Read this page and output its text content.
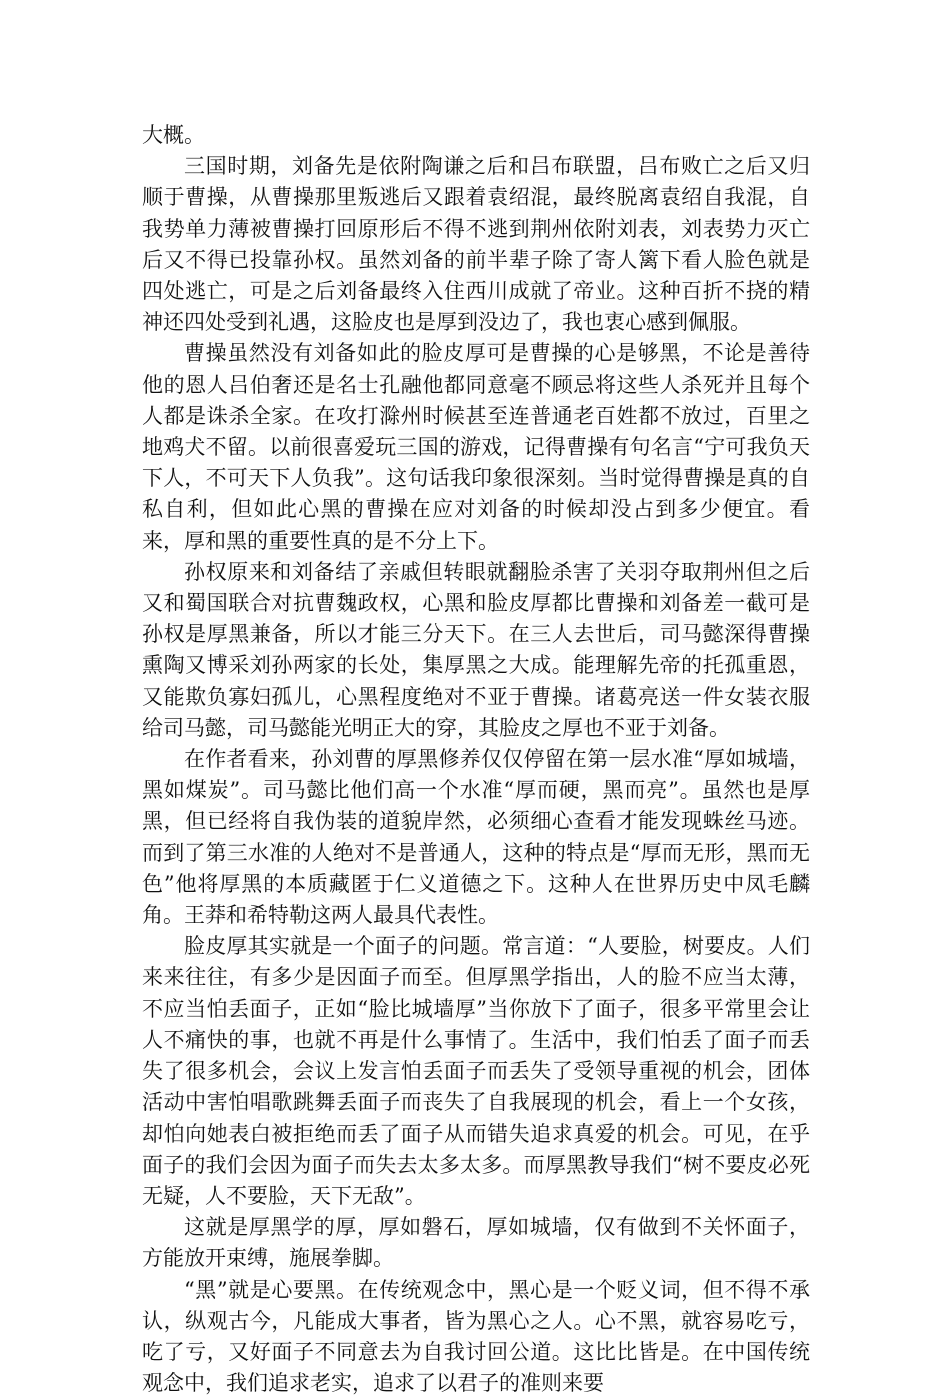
大概。

三国时期，刘备先是依附陶谦之后和吕布联盟，吕布败亡之后又归顺于曹操，从曹操那里叛逃后又跟着袁绍混，最终脱离袁绍自我混，自我势单力薄被曹操打回原形后不得不逃到荆州依附刘表，刘表势力灭亡后又不得已投靠孙权。虽然刘备的前半辈子除了寄人篱下看人脸色就是四处逃亡，可是之后刘备最终入住西川成就了帝业。这种百折不挠的精神还四处受到礼遇，这脸皮也是厚到没边了，我也衷心感到佩服。

曹操虽然没有刘备如此的脸皮厚可是曹操的心是够黑，不论是善待他的恩人吕伯奢还是名士孔融他都同意毫不顾忌将这些人杀死并且每个人都是诛杀全家。在攻打滁州时候甚至连普通老百姓都不放过，百里之地鸡犬不留。以前很喜爱玩三国的游戏，记得曹操有句名言“宁可我负天下人，不可天下人负我”。这句话我印象很深刻。当时觉得曹操是真的自私自利，但如此心黑的曹操在应对刘备的时候却没占到多少便宜。看来，厚和黑的重要性真的是不分上下。

孙权原来和刘备结了亲戚但转眼就翻脸杀害了关羽夺取荆州但之后又和蜀国联合对抗曹魏政权，心黑和脸皮厚都比曹操和刘备差一截可是孙权是厚黑兼备，所以才能三分天下。在三人去世后，司马懿深得曹操熏陶又博采刘孙两家的长处，集厚黑之大成。能理解先帝的托孤重恩，又能欺负寡妇孤儿，心黑程度绝对不亚于曹操。诸葛亮送一件女装衣服给司马懿，司马懿能光明正大的穿，其脸皮之厚也不亚于刘备。

在作者看来，孙刘曹的厚黑修养仅仅停留在第一层水准“厚如城墙，黑如煤炭”。司马懿比他们高一个水准“厚而硬，黑而亮”。虽然也是厚黑，但已经将自我伪装的道貌岸然，必须细心查看才能发现蛛丝马迹。而到了第三水准的人绝对不是普通人，这种的特点是“厚而无形，黑而无色”他将厚黑的本质藏匿于仁义道德之下。这种人在世界历史中凤毛麟角。王莽和希特勒这两人最具代表性。

脸皮厚其实就是一个面子的问题。常言道：“人要脸，树要皮。人们来来往往，有多少是因面子而至。但厚黑学指出，人的脸不应当太薄，不应当怕丢面子，正如“脸比城墙厚”当你放下了面子，很多平常里会让人不痛快的事，也就不再是什么事情了。生活中，我们怕丢了面子而丢失了很多机会，会议上发言怕丢面子而丢失了受领导重视的机会，团体活动中害怕唱歌跳舞丢面子而丧失了自我展现的机会，看上一个女孩，却怕向她表白被拒绝而丢了面子从而错失追求真爱的机会。可见，在乎面子的我们会因为面子而失去太多太多。而厚黑教导我们“树不要皮必死无疑，人不要脸，天下无敌”。

这就是厚黑学的厚，厚如磐石，厚如城墙，仅有做到不关怀面子，方能放开束缚，施展拳脚。

“黑”就是心要黑。在传统观念中，黑心是一个贬义词，但不得不承认，纵观古今，凡能成大事者，皆为黑心之人。心不黑，就容易吃亏，吃了亏，又好面子不同意去为自我讨回公道。这比比皆是。在中国传统观念中，我们追求老实，追求了以君子的准则来要
